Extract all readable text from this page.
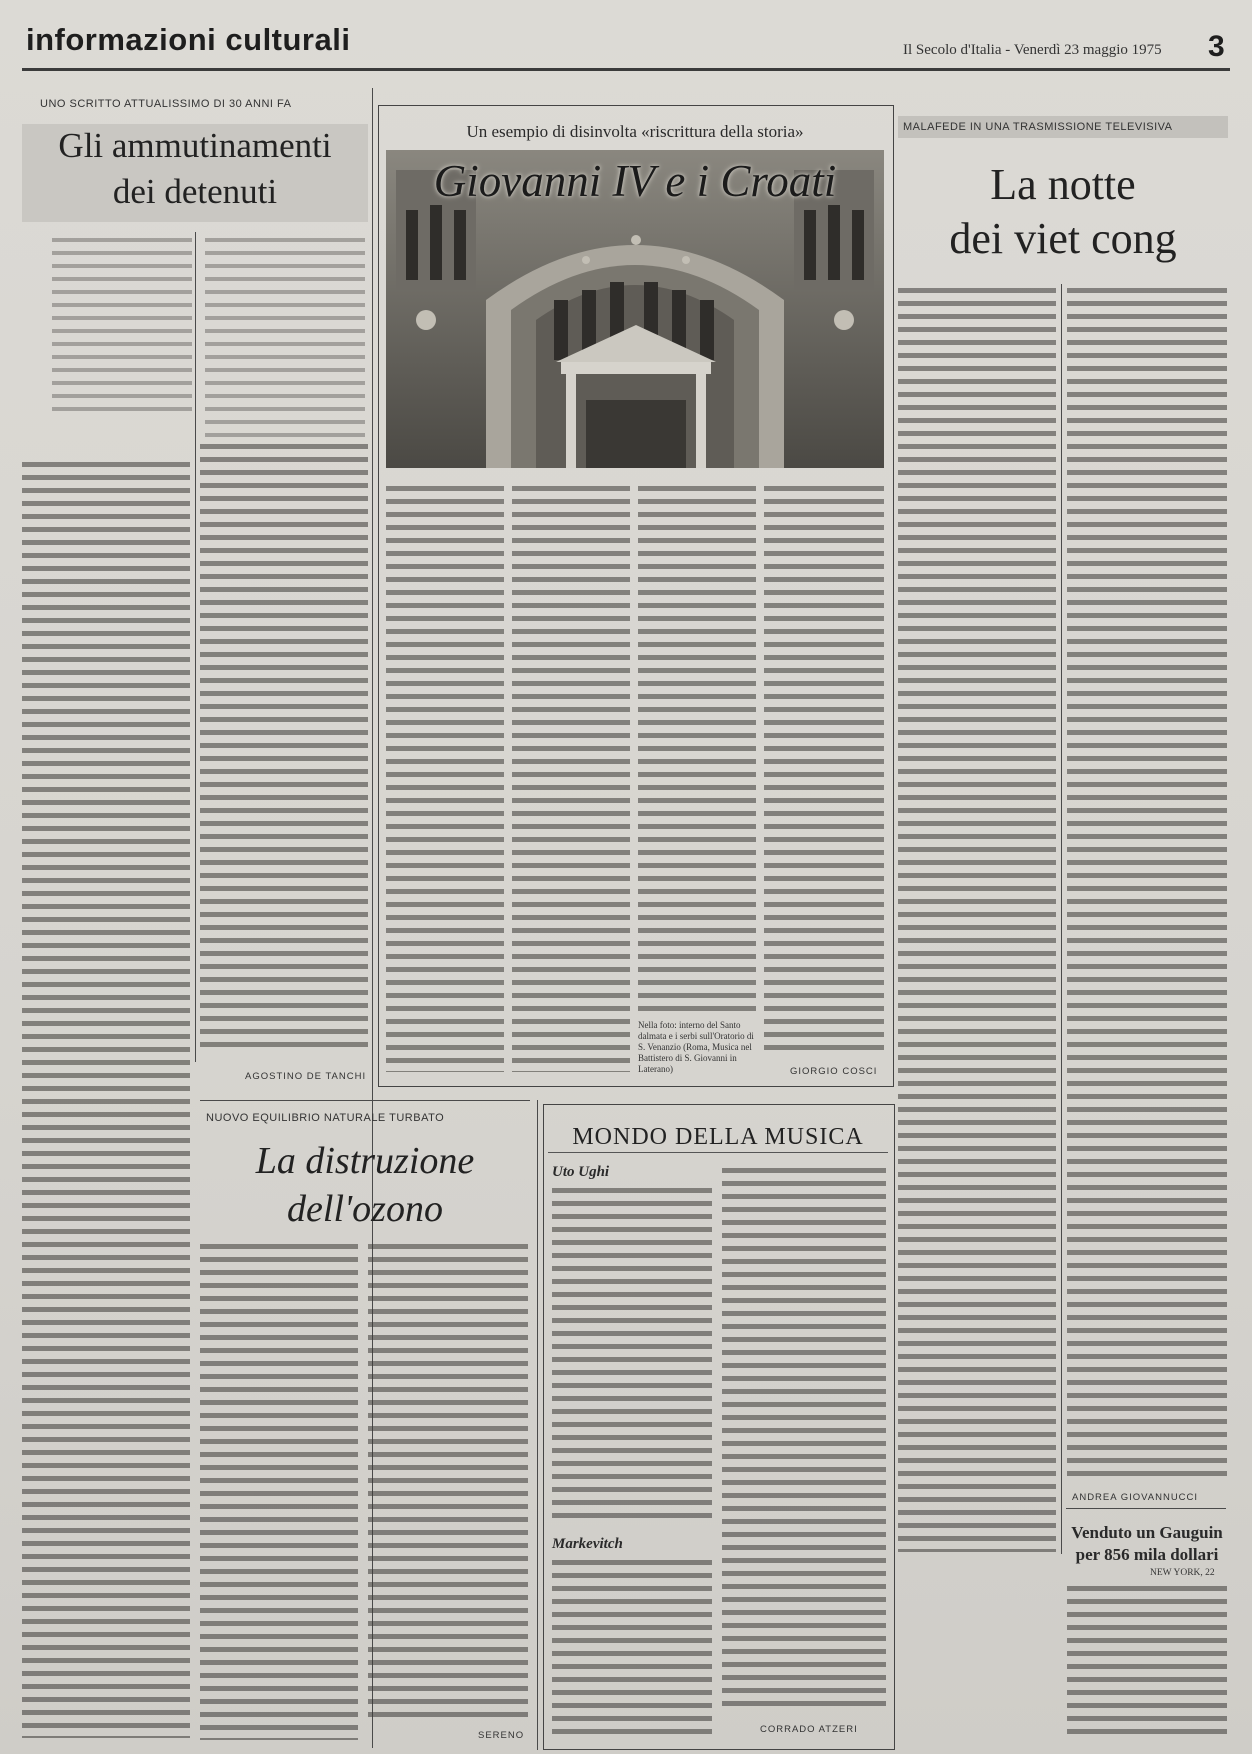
informazioni culturali	Il Secolo d'Italia - Venerdì 23 maggio 1975 3
UNO SCRITTO ATTUALISSIMO DI 30 ANNI FA
Gli ammutinamenti
dei detenuti
AGOSTINO DE TANCHI
Un esempio di disinvolta «riscrittura della storia»
Giovanni IV e i Croati
Nella foto: interno del Santo dalmata e i serbi sull'Oratorio di S. Venanzio (Roma, Musica nel Battistero di S. Giovanni in Laterano)	GIORGIO COSCI
MALAFEDE IN UNA TRASMISSIONE TELEVISIVA
La notte
dei viet cong
ANDREA GIOVANNUCCI
Venduto un Gauguin
per 856 mila dollari
NEW YORK, 22
NUOVO EQUILIBRIO NATURALE TURBATO
La distruzione
dell'ozono
SERENO
MONDO DELLA MUSICA
Uto Ughi
Markevitch
CORRADO ATZERI
